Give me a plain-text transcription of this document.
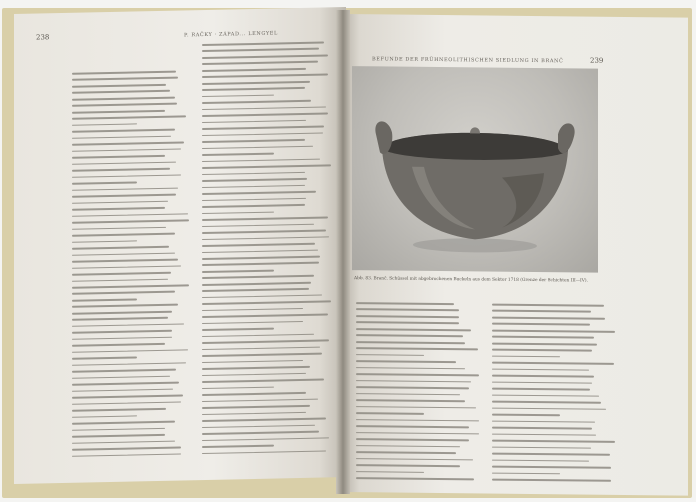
238	P. RAČKY · ZÁPAD... LENGYEL
BEFUNDE DER FRÜHNEOLITHISCHEN SIEDLUNG IN BRANČ	239
Abb. 83. Branč. Schüssel mit abgebrochenen Buckeln aus dem Sektor 1718 (Grenze der Schichten III—IV).
